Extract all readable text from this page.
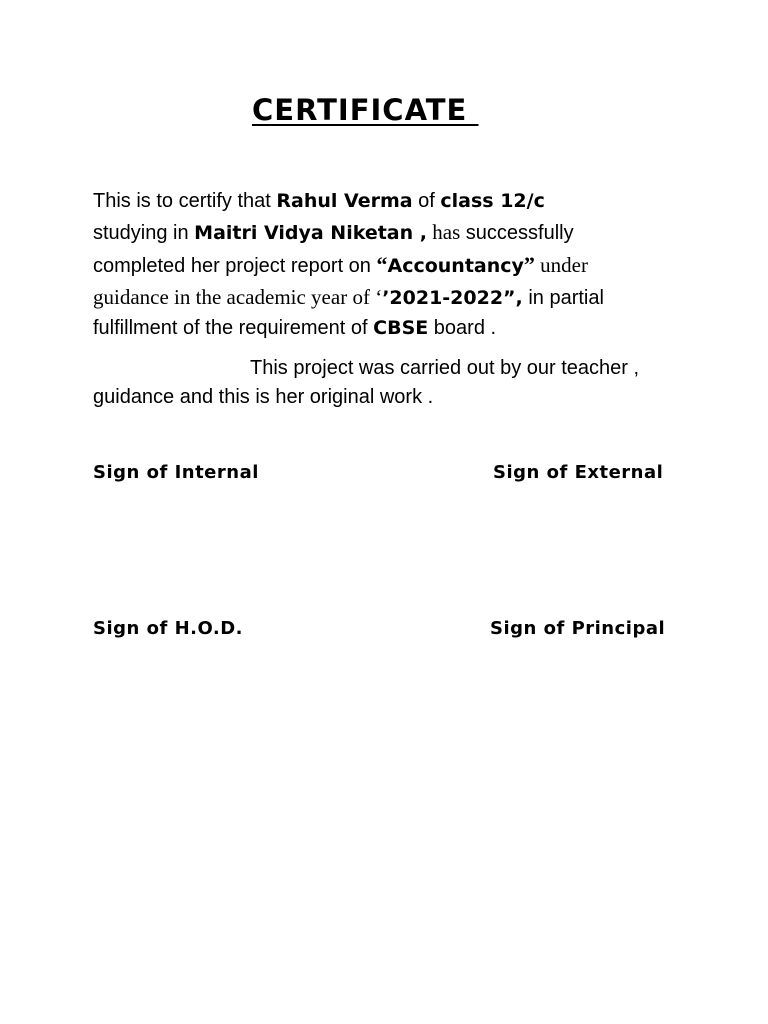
CERTIFICATE
This is to certify that Rahul Verma of class 12/c
studying in Maitri Vidya Niketan , has successfully
completed her project report on “Accountancy” under
guidance in the academic year of ‘’2021-2022”, in partial
fulfillment of the requirement of CBSE board .
This project was carried out by our teacher ,
guidance and this is her original work .
Sign of Internal	Sign of External
Sign of H.O.D.	Sign of Principal
